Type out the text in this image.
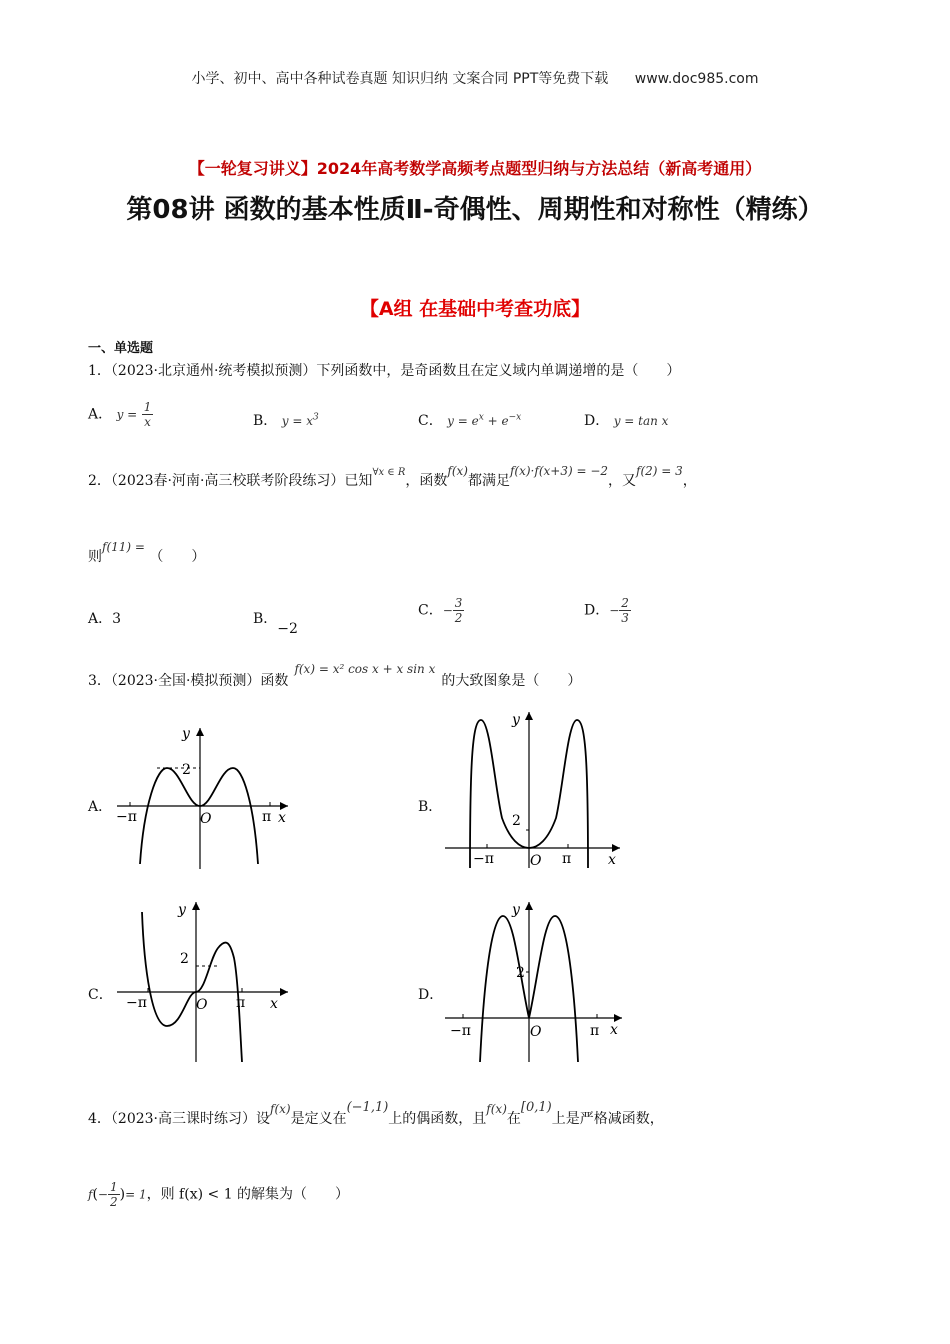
小学、初中、高中各种试卷真题 知识归纳 文案合同 PPT等免费下载 www.doc985.com
【一轮复习讲义】2024年高考数学高频考点题型归纳与方法总结（新高考通用）
第08讲 函数的基本性质Ⅱ-奇偶性、周期性和对称性（精练）
【A组 在基础中考查功底】
一、单选题
1．（2023·北京通州·统考模拟预测）下列函数中，是奇函数且在定义域内单调递增的是（　　）
A． $y = \frac{1}{x}$	B． $y = x^3$	C． $y = e^x + e^{-x}$	D． y = tan x
2．（2023春·河南·高三校联考阶段练习）已知$^{\forall x \in R}$，函数f(x)都满足f(x)·f(x+3) = −2，又f(2) = 3，
则f(11) = （　　）
A．3	B．−2
C．− $\frac{3}{2}$	D．− $\frac{2}{3}$
3．（2023·全国·模拟预测）函数f(x) = x² cos x + x sin x的大致图象是（　　）
A．
y
2
−π	O	π x
B．
y
2
−π	O π	x
C．
y
2
−π	O π x
D．
y
2
−π	O	π x
4．（2023·高三课时练习）设f(x)是定义在(−1,1)上的偶函数，且f(x)在[0,1)上是严格减函数，
$f(- \frac{1}{2}$ )= 1，则 f(x) < 1 的解集为（　　）
